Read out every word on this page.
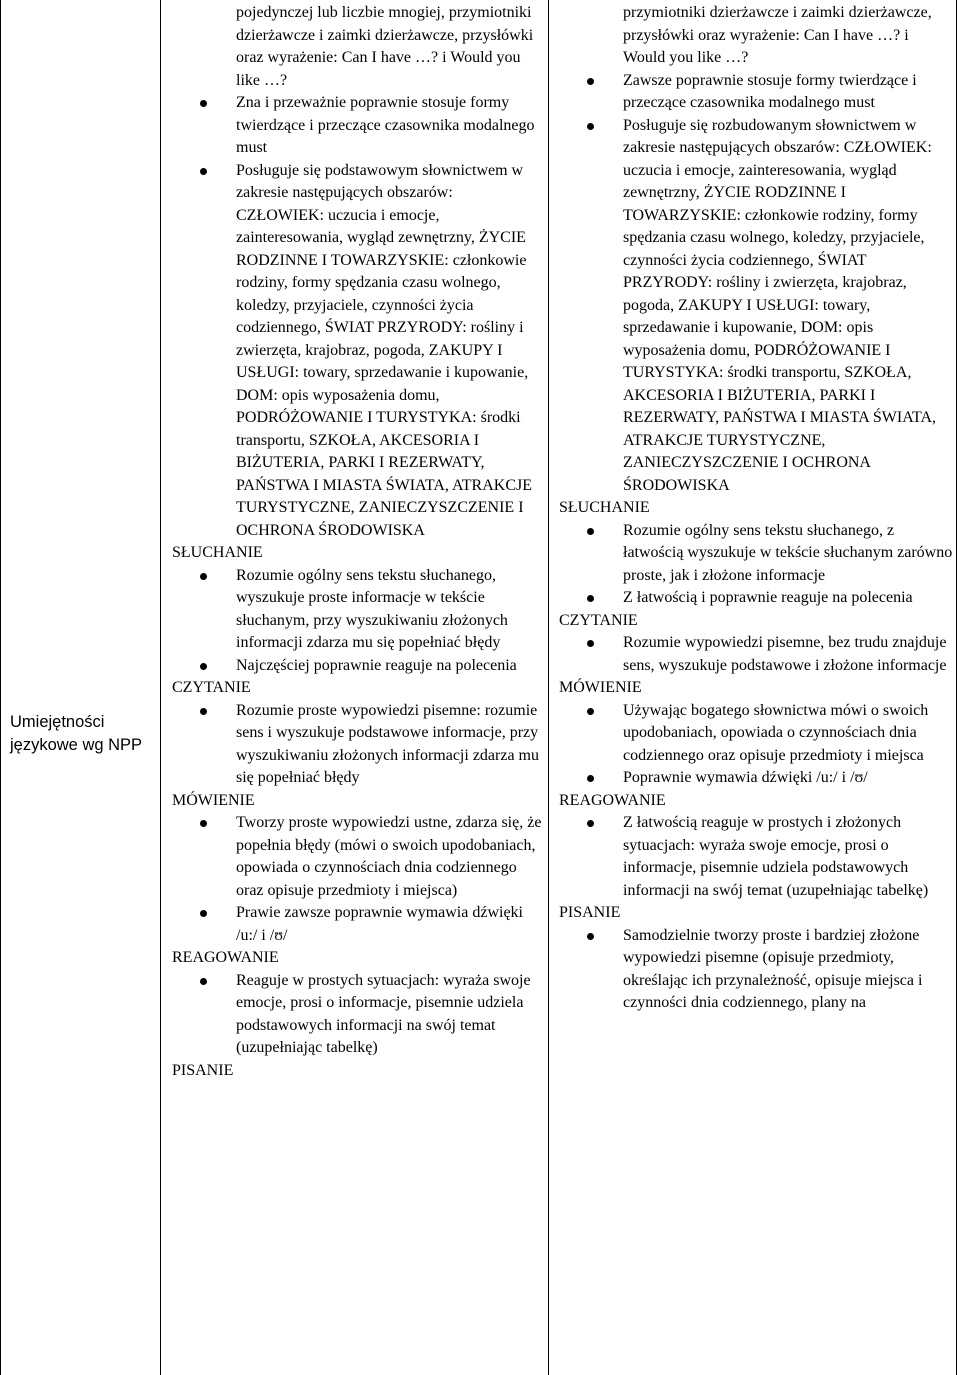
Umiejętności językowe wg NPP
pojedynczej lub liczbie mnogiej, przymiotniki dzierżawcze i zaimki dzierżawcze, przysłówki oraz wyrażenie: Can I have …? i Would you like …?
Zna i przeważnie poprawnie stosuje formy twierdzące i przeczące czasownika modalnego must
Posługuje się podstawowym słownictwem w zakresie następujących obszarów: CZŁOWIEK: uczucia i emocje, zainteresowania, wygląd zewnętrzny, ŻYCIE RODZINNE I TOWARZYSKIE: członkowie rodziny, formy spędzania czasu wolnego, koledzy, przyjaciele, czynności życia codziennego, ŚWIAT PRZYRODY: rośliny i zwierzęta, krajobraz, pogoda, ZAKUPY I USŁUGI: towary, sprzedawanie i kupowanie, DOM: opis wyposażenia domu, PODRÓŻOWANIE I TURYSTYKA: środki transportu, SZKOŁA, AKCESORIA I BIŻUTERIA, PARKI I REZERWATY, PAŃSTWA I MIASTA ŚWIATA, ATRAKCJE TURYSTYCZNE, ZANIECZYSZCZENIE I OCHRONA ŚRODOWISKA
SŁUCHANIE
Rozumie ogólny sens tekstu słuchanego, wyszukuje proste informacje w tekście słuchanym, przy wyszukiwaniu złożonych informacji zdarza mu się popełniać błędy
Najczęściej poprawnie reaguje na polecenia
CZYTANIE
Rozumie proste wypowiedzi pisemne: rozumie sens i wyszukuje podstawowe informacje, przy wyszukiwaniu złożonych informacji zdarza mu się popełniać błędy
MÓWIENIE
Tworzy proste wypowiedzi ustne, zdarza się, że popełnia błędy (mówi o swoich upodobaniach, opowiada o czynnościach dnia codziennego oraz opisuje przedmioty i miejsca)
Prawie zawsze poprawnie wymawia dźwięki /u:/ i /ʊ/
REAGOWANIE
Reaguje w prostych sytuacjach: wyraża swoje emocje, prosi o informacje, pisemnie udziela podstawowych informacji na swój temat (uzupełniając tabelkę)
PISANIE
przymiotniki dzierżawcze i zaimki dzierżawcze, przysłówki oraz wyrażenie: Can I have …? i Would you like …?
Zawsze poprawnie stosuje formy twierdzące i przeczące czasownika modalnego must
Posługuje się rozbudowanym słownictwem w zakresie następujących obszarów: CZŁOWIEK: uczucia i emocje, zainteresowania, wygląd zewnętrzny, ŻYCIE RODZINNE I TOWARZYSKIE: członkowie rodziny, formy spędzania czasu wolnego, koledzy, przyjaciele, czynności życia codziennego, ŚWIAT PRZYRODY: rośliny i zwierzęta, krajobraz, pogoda, ZAKUPY I USŁUGI: towary, sprzedawanie i kupowanie, DOM: opis wyposażenia domu, PODRÓŻOWANIE I TURYSTYKA: środki transportu, SZKOŁA, AKCESORIA I BIŻUTERIA, PARKI I REZERWATY, PAŃSTWA I MIASTA ŚWIATA, ATRAKCJE TURYSTYCZNE, ZANIECZYSZCZENIE I OCHRONA ŚRODOWISKA
SŁUCHANIE
Rozumie ogólny sens tekstu słuchanego, z łatwością wyszukuje w tekście słuchanym zarówno proste, jak i złożone informacje
Z łatwością i poprawnie reaguje na polecenia
CZYTANIE
Rozumie wypowiedzi pisemne, bez trudu znajduje sens, wyszukuje podstawowe i złożone informacje
MÓWIENIE
Używając bogatego słownictwa mówi o swoich upodobaniach, opowiada o czynnościach dnia codziennego oraz opisuje przedmioty i miejsca
Poprawnie wymawia dźwięki /u:/ i /ʊ/
REAGOWANIE
Z łatwością reaguje w prostych i złożonych sytuacjach: wyraża swoje emocje, prosi o informacje, pisemnie udziela podstawowych informacji na swój temat (uzupełniając tabelkę)
PISANIE
Samodzielnie tworzy proste i bardziej złożone wypowiedzi pisemne (opisuje przedmioty, określając ich przynależność, opisuje miejsca i czynności dnia codziennego, plany na
